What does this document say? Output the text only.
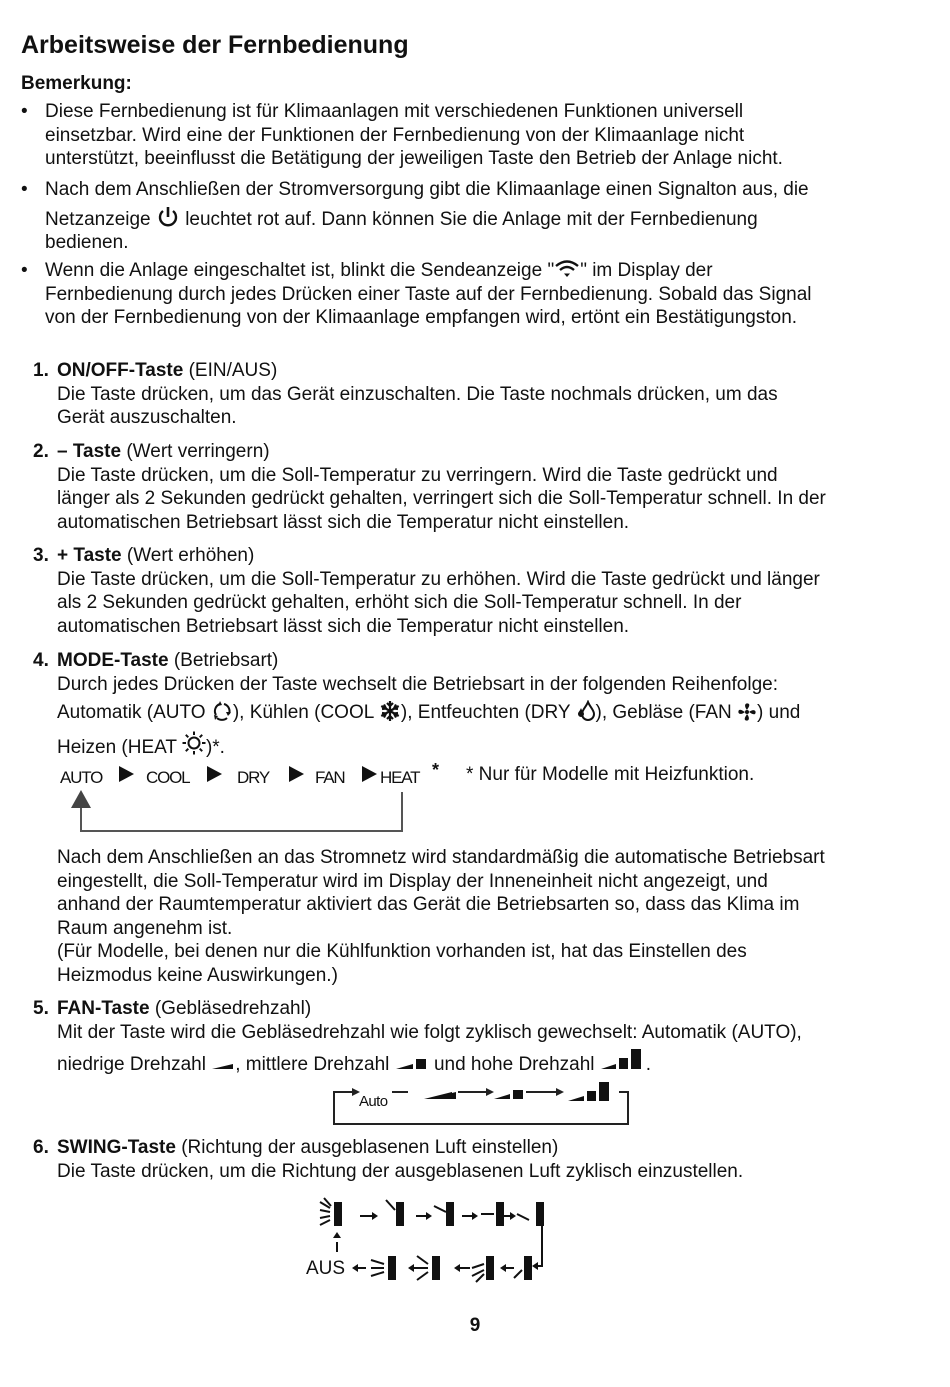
Arbeitsweise der Fernbedienung
Bemerkung:
• Diese Fernbedienung ist für Klimaanlagen mit verschiedenen Funktionen universell
einsetzbar. Wird eine der Funktionen der Fernbedienung von der Klimaanlage nicht
unterstützt, beeinflusst die Betätigung der jeweiligen Taste den Betrieb der Anlage nicht.
• Nach dem Anschließen der Stromversorgung gibt die Klimaanlage einen Signalton aus, die
Netzanzeige leuchtet rot auf. Dann können Sie die Anlage mit der Fernbedienung
bedienen.
• Wenn die Anlage eingeschaltet ist, blinkt die Sendeanzeige " " im Display der
Fernbedienung durch jedes Drücken einer Taste auf der Fernbedienung. Sobald das Signal
von der Fernbedienung von der Klimaanlage empfangen wird, ertönt ein Bestätigungston.
1. ON/OFF-Taste (EIN/AUS)
Die Taste drücken, um das Gerät einzuschalten. Die Taste nochmals drücken, um das
Gerät auszuschalten.
2. – Taste (Wert verringern)
Die Taste drücken, um die Soll-Temperatur zu verringern. Wird die Taste gedrückt und
länger als 2 Sekunden gedrückt gehalten, verringert sich die Soll-Temperatur schnell. In der
automatischen Betriebsart lässt sich die Temperatur nicht einstellen.
3. + Taste (Wert erhöhen)
Die Taste drücken, um die Soll-Temperatur zu erhöhen. Wird die Taste gedrückt und länger
als 2 Sekunden gedrückt gehalten, erhöht sich die Soll-Temperatur schnell. In der
automatischen Betriebsart lässt sich die Temperatur nicht einstellen.
4. MODE-Taste (Betriebsart)
Durch jedes Drücken der Taste wechselt die Betriebsart in der folgenden Reihenfolge:
Automatik (AUTO ), Kühlen (COOL ), Entfeuchten (DRY ), Gebläse (FAN ) und
Heizen (HEAT )*.
AUTO	COOL	DRY	FAN HEAT * * Nur für Modelle mit Heizfunktion.
Nach dem Anschließen an das Stromnetz wird standardmäßig die automatische Betriebsart
eingestellt, die Soll-Temperatur wird im Display der Inneneinheit nicht angezeigt, und
anhand der Raumtemperatur aktiviert das Gerät die Betriebsarten so, dass das Klima im
Raum angenehm ist.
(Für Modelle, bei denen nur die Kühlfunktion vorhanden ist, hat das Einstellen des
Heizmodus keine Auswirkungen.)
5. FAN-Taste (Gebläsedrehzahl)
Mit der Taste wird die Gebläsedrehzahl wie folgt zyklisch gewechselt: Automatik (AUTO),
niedrige Drehzahl , mittlere Drehzahl und hohe Drehzahl	.
Auto
6. SWING-Taste (Richtung der ausgeblasenen Luft einstellen)
Die Taste drücken, um die Richtung der ausgeblasenen Luft zyklisch einzustellen.
AUS
9
